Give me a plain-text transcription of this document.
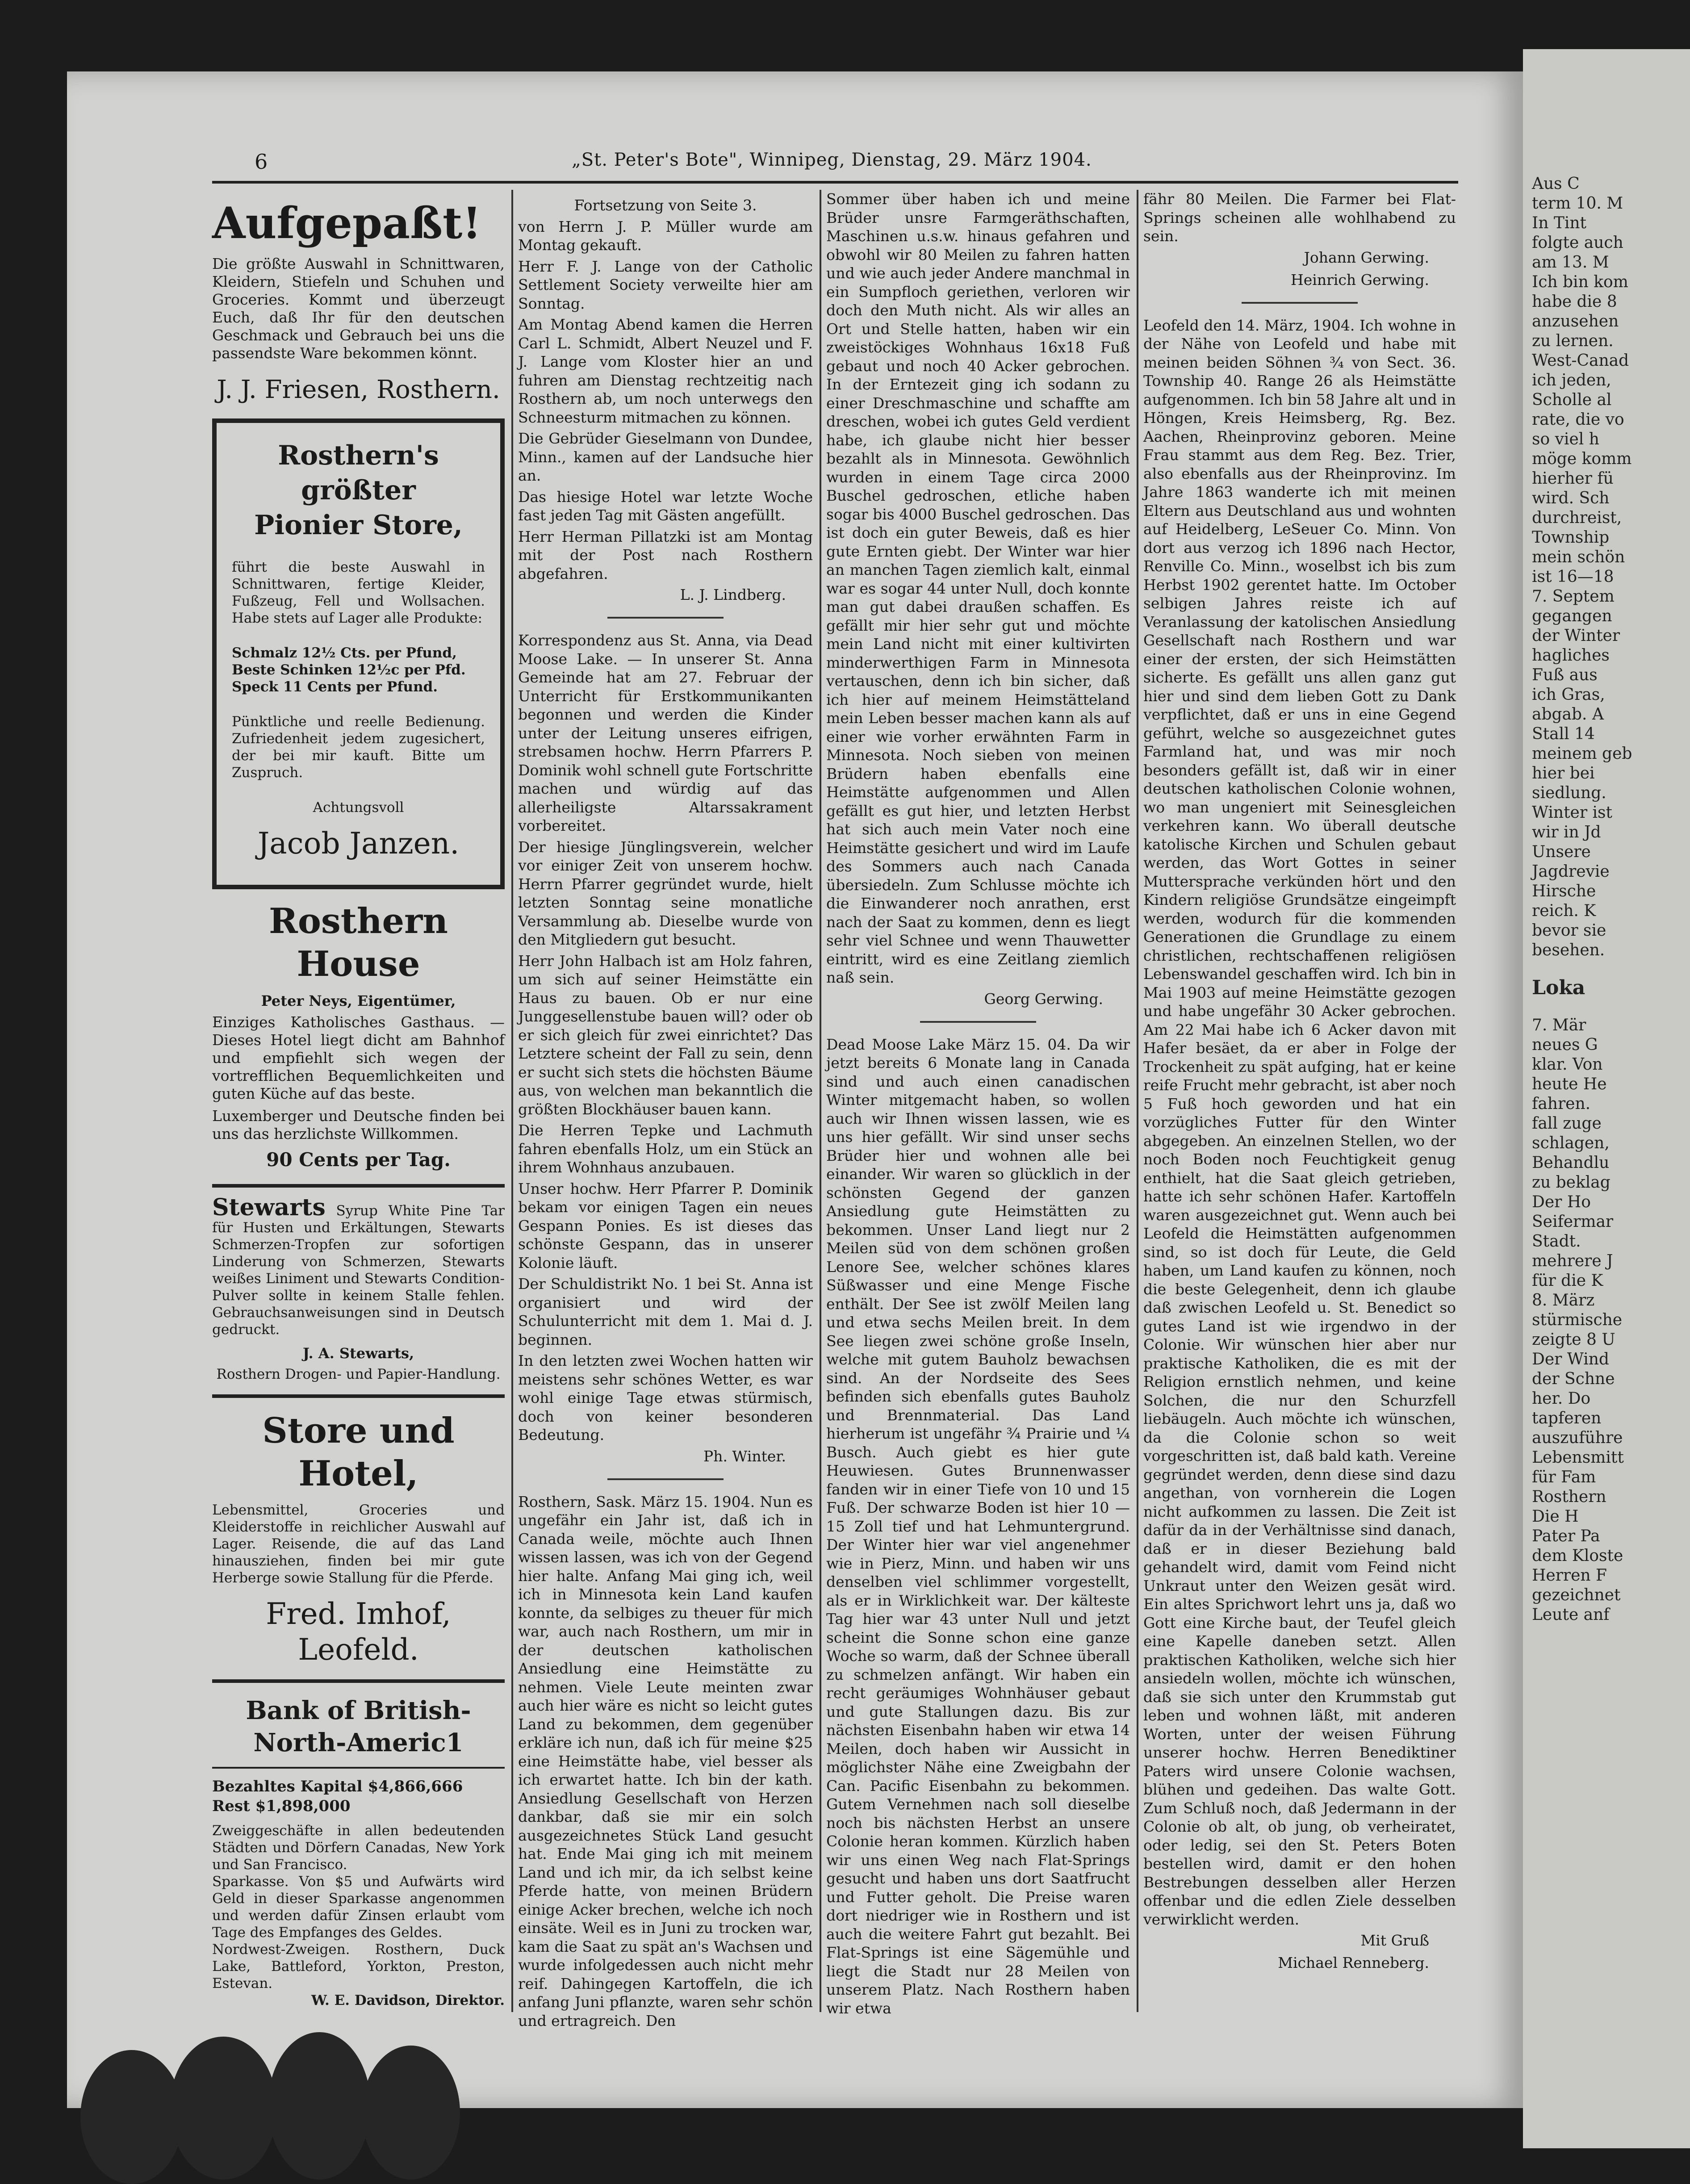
Aus C
term 10. M
In Tint
folgte auch
am 13. M
Ich bin kom
habe die 8
anzusehen
zu lernen.
West-Canad
ich jeden,
Scholle al
rate, die vo
so viel h
möge komm
hierher fü
wird. Sch
durchreist,
Township
mein schön
ist 16—18
7. Septem
gegangen
der Winter
hagliches
Fuß aus
ich Gras,
abgab. A
Stall 14
meinem geb
hier bei
siedlung.
Winter ist
wir in Jd
Unsere
Jagdrevie
Hirsche
reich. K
bevor sie
besehen.
Loka
7. Mär
neues G
klar. Von
heute He
fahren.
fall zuge
schlagen,
Behandlu
zu beklag
Der Ho
Seifermar
Stadt.
mehrere J
für die K
8. März
stürmische
zeigte 8 U
Der Wind
der Schne
her. Do
tapferen
auszuführe
Lebensmitt
für Fam
Rosthern
Die H
Pater Pa
dem Kloste
Herren F
gezeichnet
Leute anf
6	„St. Peter's Bote", Winnipeg, Dienstag, 29. März 1904.
Aufgepaßt!
Die größte Auswahl in Schnittwaren, Kleidern, Stiefeln und Schuhen und Groceries. Kommt und überzeugt Euch, daß Ihr für den deutschen Geschmack und Gebrauch bei uns die passendste Ware bekommen könnt.
J. J. Friesen, Rosthern.
Rosthern's
größter
Pionier Store,
führt die beste Auswahl in Schnittwaren, fertige Kleider, Fußzeug, Fell und Wollsachen. Habe stets auf Lager alle Produkte:
Schmalz 12½ Cts. per Pfund,
Beste Schinken 12½c per Pfd.
Speck 11 Cents per Pfund.
Pünktliche und reelle Bedienung. Zufriedenheit jedem zugesichert, der bei mir kauft. Bitte um Zuspruch.
Achtungsvoll
Jacob Janzen.
Rosthern House
Peter Neys, Eigentümer,
Einziges Katholisches Gasthaus. — Dieses Hotel liegt dicht am Bahnhof und empfiehlt sich wegen der vortrefflichen Bequemlichkeiten und guten Küche auf das beste.
Luxemberger und Deutsche finden bei uns das herzlichste Willkommen.
90 Cents per Tag.
Stewarts Syrup White Pine Tar für Husten und Erkältungen, Stewarts Schmerzen-Tropfen zur sofortigen Linderung von Schmerzen, Stewarts weißes Liniment und Stewarts Condition-Pulver sollte in keinem Stalle fehlen. Gebrauchsanweisungen sind in Deutsch gedruckt.
J. A. Stewarts,
Rosthern Drogen- und Papier-Handlung.
Store und Hotel,
Lebensmittel, Groceries und Kleiderstoffe in reichlicher Auswahl auf Lager. Reisende, die auf das Land hinausziehen, finden bei mir gute Herberge sowie Stallung für die Pferde.
Fred. Imhof, Leofeld.
Bank of British-North-Americ1
Bezahltes Kapital $4,866,666
Rest $1,898,000
Zweiggeschäfte in allen bedeutenden Städten und Dörfern Canadas, New York und San Francisco.
Sparkasse. Von $5 und Aufwärts wird Geld in dieser Sparkasse angenommen und werden dafür Zinsen erlaubt vom Tage des Empfanges des Geldes.
Nordwest-Zweigen. Rosthern, Duck Lake, Battleford, Yorkton, Preston, Estevan.
W. E. Davidson, Direktor.
Fortsetzung von Seite 3.

von Herrn J. P. Müller wurde am Montag gekauft.

Herr F. J. Lange von der Catholic Settlement Society verweilte hier am Sonntag.

Am Montag Abend kamen die Herren Carl L. Schmidt, Albert Neuzel und F. J. Lange vom Kloster hier an und fuhren am Dienstag rechtzeitig nach Rosthern ab, um noch unterwegs den Schneesturm mitmachen zu können.

Die Gebrüder Gieselmann von Dundee, Minn., kamen auf der Landsuche hier an.

Das hiesige Hotel war letzte Woche fast jeden Tag mit Gästen angefüllt.

Herr Herman Pillatzki ist am Montag mit der Post nach Rosthern abgefahren.

L. J. Lindberg.

Korrespondenz aus St. Anna, via Dead Moose Lake. — In unserer St. Anna Gemeinde hat am 27. Februar der Unterricht für Erstkommunikanten begonnen und werden die Kinder unter der Leitung unseres eifrigen, strebsamen hochw. Herrn Pfarrers P. Dominik wohl schnell gute Fortschritte machen und würdig auf das allerheiligste Altarssakrament vorbereitet.

Der hiesige Jünglingsverein, welcher vor einiger Zeit von unserem hochw. Herrn Pfarrer gegründet wurde, hielt letzten Sonntag seine monatliche Versammlung ab. Dieselbe wurde von den Mitgliedern gut besucht.

Herr John Halbach ist am Holz fahren, um sich auf seiner Heimstätte ein Haus zu bauen. Ob er nur eine Junggesellenstube bauen will? oder ob er sich gleich für zwei einrichtet? Das Letztere scheint der Fall zu sein, denn er sucht sich stets die höchsten Bäume aus, von welchen man bekanntlich die größten Blockhäuser bauen kann.

Die Herren Tepke und Lachmuth fahren ebenfalls Holz, um ein Stück an ihrem Wohnhaus anzubauen.

Unser hochw. Herr Pfarrer P. Dominik bekam vor einigen Tagen ein neues Gespann Ponies. Es ist dieses das schönste Gespann, das in unserer Kolonie läuft.

Der Schuldistrikt No. 1 bei St. Anna ist organisiert und wird der Schulunterricht mit dem 1. Mai d. J. beginnen.

In den letzten zwei Wochen hatten wir meistens sehr schönes Wetter, es war wohl einige Tage etwas stürmisch, doch von keiner besonderen Bedeutung.

Ph. Winter.

Rosthern, Sask. März 15. 1904. Nun es ungefähr ein Jahr ist, daß ich in Canada weile, möchte auch Ihnen wissen lassen, was ich von der Gegend hier halte. Anfang Mai ging ich, weil ich in Minnesota kein Land kaufen konnte, da selbiges zu theuer für mich war, auch nach Rosthern, um mir in der deutschen katholischen Ansiedlung eine Heimstätte zu nehmen. Viele Leute meinten zwar auch hier wäre es nicht so leicht gutes Land zu bekommen, dem gegenüber erkläre ich nun, daß ich für meine $25 eine Heimstätte habe, viel besser als ich erwartet hatte. Ich bin der kath. Ansiedlung Gesellschaft von Herzen dankbar, daß sie mir ein solch ausgezeichnetes Stück Land gesucht hat. Ende Mai ging ich mit meinem Land und ich mir, da ich selbst keine Pferde hatte, von meinen Brüdern einige Acker brechen, welche ich noch einsäte. Weil es in Juni zu trocken war, kam die Saat zu spät an's Wachsen und wurde infolgedessen auch nicht mehr reif. Dahingegen Kartoffeln, die ich anfang Juni pflanzte, waren sehr schön und ertragreich. Den

Sommer über haben ich und meine Brüder unsre Farmgeräthschaften, Maschinen u.s.w. hinaus gefahren und obwohl wir 80 Meilen zu fahren hatten und wie auch jeder Andere manchmal in ein Sumpfloch geriethen, verloren wir doch den Muth nicht. Als wir alles an Ort und Stelle hatten, haben wir ein zweistöckiges Wohnhaus 16x18 Fuß gebaut und noch 40 Acker gebrochen. In der Erntezeit ging ich sodann zu einer Dreschmaschine und schaffte am dreschen, wobei ich gutes Geld verdient habe, ich glaube nicht hier besser bezahlt als in Minnesota. Gewöhnlich wurden in einem Tage circa 2000 Buschel gedroschen, etliche haben sogar bis 4000 Buschel gedroschen. Das ist doch ein guter Beweis, daß es hier gute Ernten giebt. Der Winter war hier an manchen Tagen ziemlich kalt, einmal war es sogar 44 unter Null, doch konnte man gut dabei draußen schaffen. Es gefällt mir hier sehr gut und möchte mein Land nicht mit einer kultivirten minderwerthigen Farm in Minnesota vertauschen, denn ich bin sicher, daß ich hier auf meinem Heimstätteland mein Leben besser machen kann als auf einer wie vorher erwähnten Farm in Minnesota. Noch sieben von meinen Brüdern haben ebenfalls eine Heimstätte aufgenommen und Allen gefällt es gut hier, und letzten Herbst hat sich auch mein Vater noch eine Heimstätte gesichert und wird im Laufe des Sommers auch nach Canada übersiedeln. Zum Schlusse möchte ich die Einwanderer noch anrathen, erst nach der Saat zu kommen, denn es liegt sehr viel Schnee und wenn Thauwetter eintritt, wird es eine Zeitlang ziemlich naß sein.

Georg Gerwing.

Dead Moose Lake März 15. 04. Da wir jetzt bereits 6 Monate lang in Canada sind und auch einen canadischen Winter mitgemacht haben, so wollen auch wir Ihnen wissen lassen, wie es uns hier gefällt. Wir sind unser sechs Brüder hier und wohnen alle bei einander. Wir waren so glücklich in der schönsten Gegend der ganzen Ansiedlung gute Heimstätten zu bekommen. Unser Land liegt nur 2 Meilen süd von dem schönen großen Lenore See, welcher schönes klares Süßwasser und eine Menge Fische enthält. Der See ist zwölf Meilen lang und etwa sechs Meilen breit. In dem See liegen zwei schöne große Inseln, welche mit gutem Bauholz bewachsen sind. An der Nordseite des Sees befinden sich ebenfalls gutes Bauholz und Brennmaterial. Das Land hierherum ist ungefähr ¾ Prairie und ¼ Busch. Auch giebt es hier gute Heuwiesen. Gutes Brunnenwasser fanden wir in einer Tiefe von 10 und 15 Fuß. Der schwarze Boden ist hier 10 — 15 Zoll tief und hat Lehmuntergrund. Der Winter hier war viel angenehmer wie in Pierz, Minn. und haben wir uns denselben viel schlimmer vorgestellt, als er in Wirklichkeit war. Der kälteste Tag hier war 43 unter Null und jetzt scheint die Sonne schon eine ganze Woche so warm, daß der Schnee überall zu schmelzen anfängt. Wir haben ein recht geräumiges Wohnhäuser gebaut und gute Stallungen dazu. Bis zur nächsten Eisenbahn haben wir etwa 14 Meilen, doch haben wir Aussicht in möglichster Nähe eine Zweigbahn der Can. Pacific Eisenbahn zu bekommen. Gutem Vernehmen nach soll dieselbe noch bis nächsten Herbst an unsere Colonie heran kommen. Kürzlich haben wir uns einen Weg nach Flat-Springs gesucht und haben uns dort Saatfrucht und Futter geholt. Die Preise waren dort niedriger wie in Rosthern und ist auch die weitere Fahrt gut bezahlt. Bei Flat-Springs ist eine Sägemühle und liegt die Stadt nur 28 Meilen von unserem Platz. Nach Rosthern haben wir etwa

fähr 80 Meilen. Die Farmer bei Flat-Springs scheinen alle wohlhabend zu sein.

Johann Gerwing.
Heinrich Gerwing.

Leofeld den 14. März, 1904. Ich wohne in der Nähe von Leofeld und habe mit meinen beiden Söhnen ¾ von Sect. 36. Township 40. Range 26 als Heimstätte aufgenommen. Ich bin 58 Jahre alt und in Höngen, Kreis Heimsberg, Rg. Bez. Aachen, Rheinprovinz geboren. Meine Frau stammt aus dem Reg. Bez. Trier, also ebenfalls aus der Rheinprovinz. Im Jahre 1863 wanderte ich mit meinen Eltern aus Deutschland aus und wohnten auf Heidelberg, LeSeuer Co. Minn. Von dort aus verzog ich 1896 nach Hector, Renville Co. Minn., woselbst ich bis zum Herbst 1902 gerentet hatte. Im October selbigen Jahres reiste ich auf Veranlassung der katolischen Ansiedlung Gesellschaft nach Rosthern und war einer der ersten, der sich Heimstätten sicherte. Es gefällt uns allen ganz gut hier und sind dem lieben Gott zu Dank verpflichtet, daß er uns in eine Gegend geführt, welche so ausgezeichnet gutes Farmland hat, und was mir noch besonders gefällt ist, daß wir in einer deutschen katholischen Colonie wohnen, wo man ungeniert mit Seinesgleichen verkehren kann. Wo überall deutsche katolische Kirchen und Schulen gebaut werden, das Wort Gottes in seiner Muttersprache verkünden hört und den Kindern religiöse Grundsätze eingeimpft werden, wodurch für die kommenden Generationen die Grundlage zu einem christlichen, rechtschaffenen religiösen Lebenswandel geschaffen wird. Ich bin in Mai 1903 auf meine Heimstätte gezogen und habe ungefähr 30 Acker gebrochen. Am 22 Mai habe ich 6 Acker davon mit Hafer besäet, da er aber in Folge der Trockenheit zu spät aufging, hat er keine reife Frucht mehr gebracht, ist aber noch 5 Fuß hoch geworden und hat ein vorzügliches Futter für den Winter abgegeben. An einzelnen Stellen, wo der noch Boden noch Feuchtigkeit genug enthielt, hat die Saat gleich getrieben, hatte ich sehr schönen Hafer. Kartoffeln waren ausgezeichnet gut. Wenn auch bei Leofeld die Heimstätten aufgenommen sind, so ist doch für Leute, die Geld haben, um Land kaufen zu können, noch die beste Gelegenheit, denn ich glaube daß zwischen Leofeld u. St. Benedict so gutes Land ist wie irgendwo in der Colonie. Wir wünschen hier aber nur praktische Katholiken, die es mit der Religion ernstlich nehmen, und keine Solchen, die nur den Schurzfell liebäugeln. Auch möchte ich wünschen, da die Colonie schon so weit vorgeschritten ist, daß bald kath. Vereine gegründet werden, denn diese sind dazu angethan, von vornherein die Logen nicht aufkommen zu lassen. Die Zeit ist dafür da in der Verhältnisse sind danach, daß er in dieser Beziehung bald gehandelt wird, damit vom Feind nicht Unkraut unter den Weizen gesät wird. Ein altes Sprichwort lehrt uns ja, daß wo Gott eine Kirche baut, der Teufel gleich eine Kapelle daneben setzt. Allen praktischen Katholiken, welche sich hier ansiedeln wollen, möchte ich wünschen, daß sie sich unter den Krummstab gut leben und wohnen läßt, mit anderen Worten, unter der weisen Führung unserer hochw. Herren Benediktiner Paters wird unsere Colonie wachsen, blühen und gedeihen. Das walte Gott. Zum Schluß noch, daß Jedermann in der Colonie ob alt, ob jung, ob verheiratet, oder ledig, sei den St. Peters Boten bestellen wird, damit er den hohen Bestrebungen desselben aller Herzen offenbar und die edlen Ziele desselben verwirklicht werden.

Mit Gruß
Michael Renneberg.
